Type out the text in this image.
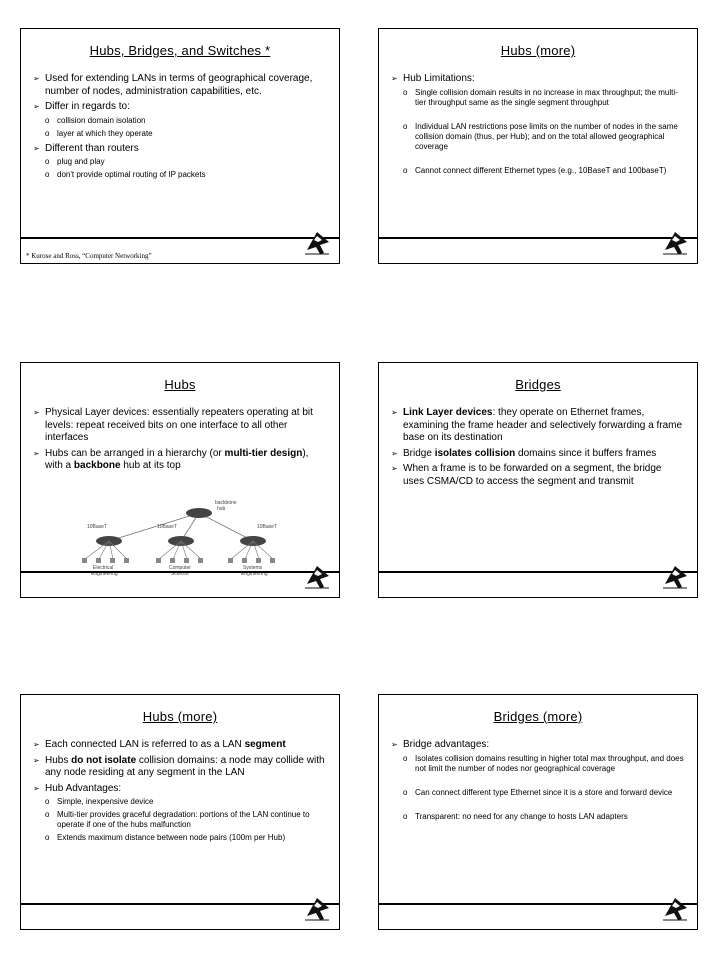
Hubs, Bridges, and Switches *
➢ Used for extending LANs in terms of geographical coverage, number of nodes, administration capabilities, etc.
➢ Differ in regards to:
o collision domain isolation
o layer at which they operate
➢ Different than routers
o plug and play
o don't provide optimal routing of IP packets
* Kurose and Ross, “Computer Networking”
Hubs (more)
➢ Hub Limitations:
o Single collision domain results in no increase in max throughput; the multi-tier throughput same as the single segment throughput
o Individual LAN restrictions pose limits on the number of nodes in the same collision domain (thus, per Hub); and on the total allowed geographical coverage
o Cannot connect different Ethernet types (e.g., 10BaseT and 100baseT)
Hubs
➢ Physical Layer devices: essentially repeaters operating at bit levels: repeat received bits on one interface to all other interfaces
➢ Hubs can be arranged in a hierarchy (or multi-tier design), with a backbone hub at its top
backbone
hub
10BaseT	10BaseT	10BaseT
Electrical
Engineering
Computer
Science
Systems
Engineering
Bridges
➢ Link Layer devices: they operate on Ethernet frames, examining the frame header and selectively forwarding a frame base on its destination
➢ Bridge isolates collision domains since it buffers frames
➢ When a frame is to be forwarded on a segment, the bridge uses CSMA/CD to access the segment and transmit
Hubs (more)
➢ Each connected LAN is referred to as a LAN segment
➢ Hubs do not isolate collision domains: a node may collide with any node residing at any segment in the LAN
➢ Hub Advantages:
o Simple, inexpensive device
o Multi-tier provides graceful degradation: portions of the LAN continue to operate if one of the hubs malfunction
o Extends maximum distance between node pairs (100m per Hub)
Bridges (more)
➢ Bridge advantages:
o Isolates collision domains resulting in higher total max throughput, and does not limit the number of nodes nor geographical coverage
o Can connect different type Ethernet since it is a store and forward device
o Transparent: no need for any change to hosts LAN adapters
